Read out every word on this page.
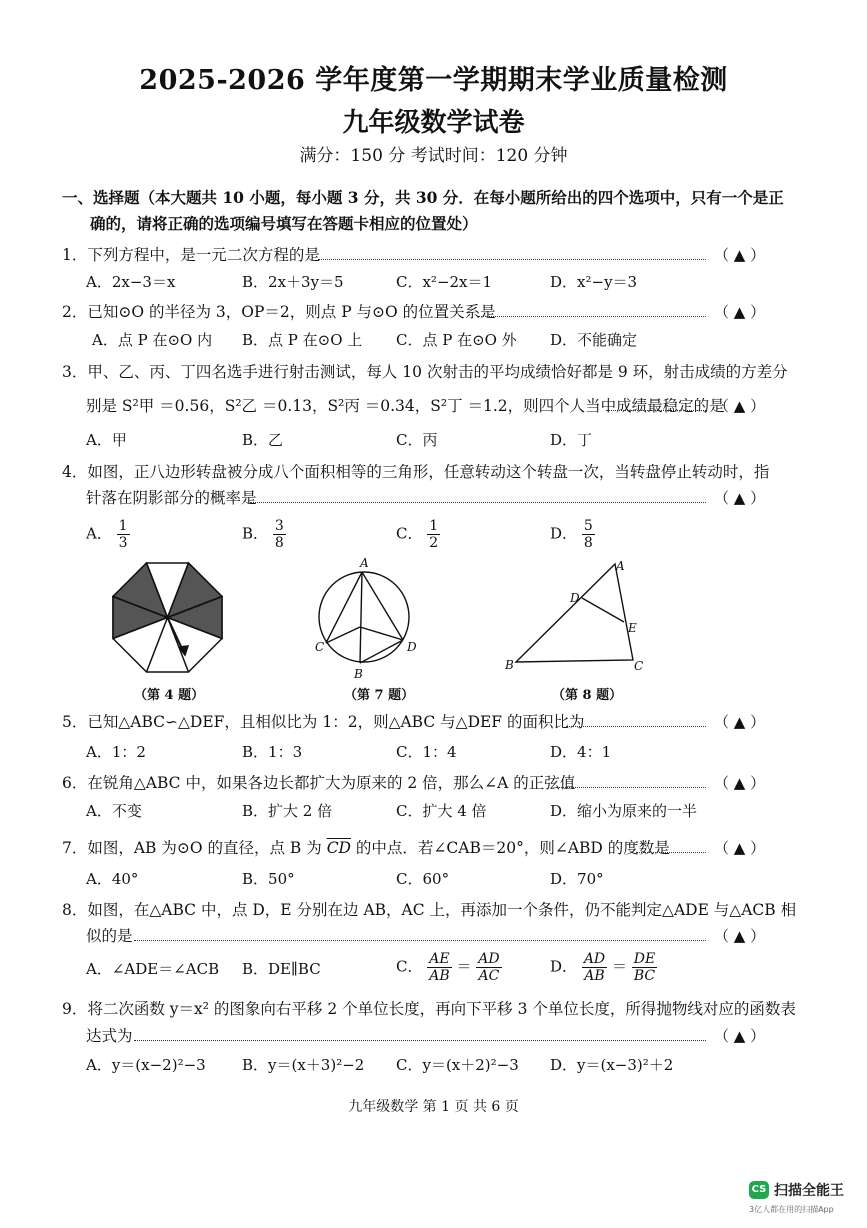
2025-2026 学年度第一学期期末学业质量检测
九年级数学试卷
满分：150 分 考试时间：120 分钟
一、选择题（本大题共 10 小题，每小题 3 分，共 30 分．在每小题所给出的四个选项中，只有一个是正
确的，请将正确的选项编号填写在答题卡相应的位置处）
1．下列方程中，是一元二次方程的是	（ ▲ ）
A．2x−3＝x	B．2x＋3y＝5	C．x²−2x＝1	D．x²−y＝3
2．已知⊙O 的半径为 3，OP＝2，则点 P 与⊙O 的位置关系是	（ ▲ ）
A．点 P 在⊙O 内 B．点 P 在⊙O 上 C．点 P 在⊙O 外 D．不能确定
3．甲、乙、丙、丁四名选手进行射击测试，每人 10 次射击的平均成绩恰好都是 9 环，射击成绩的方差分
别是 S²甲 ＝0.56，S²乙 ＝0.13，S²丙 ＝0.34，S²丁 ＝1.2，则四个人当中成绩最稳定的是
（ ▲ ）
A．甲	B．乙	C．丙	D．丁
4．如图，正八边形转盘被分成八个面积相等的三角形，任意转动这个转盘一次，当转盘停止转动时，指
针落在阴影部分的概率是	（ ▲ ）
A． $\frac{1}{3}$	B． $\frac{3}{8}$	C． $\frac{1}{2}$	D． $\frac{5}{8}$
（第 4 题）
A
C
B
D
（第 7 题）
A
D
E
B	C
（第 8 题）
5．已知△ABC∽△DEF，且相似比为 1：2，则△ABC 与△DEF 的面积比为	（ ▲ ）
A．1：2	B．1：3	C．1：4	D．4：1
6．在锐角△ABC 中，如果各边长都扩大为原来的 2 倍，那么∠A 的正弦值	（ ▲ ）
A．不变	B．扩大 2 倍	C．扩大 4 倍	D．缩小为原来的一半
7．如图，AB 为⊙O 的直径，点 B 为 $\overline{CD}$ 的中点．若∠CAB＝20°，则∠ABD 的度数是	（ ▲ ）
A．40°	B．50°	C．60°	D．70°
8．如图，在△ABC 中，点 D，E 分别在边 AB，AC 上，再添加一个条件，仍不能判定△ADE 与△ACB 相
似的是	（ ▲ ）
A．∠ADE＝∠ACB B．DE∥BC	C． $\frac{AE}{AB} = \frac{AD}{AC}$	D． $\frac{AD}{AB} = \frac{DE}{BC}$
9．将二次函数 y＝x² 的图象向右平移 2 个单位长度，再向下平移 3 个单位长度，所得抛物线对应的函数表
达式为	（ ▲ ）
A．y＝(x−2)²−3 B．y＝(x＋3)²−2 C．y＝(x＋2)²−3 D．y＝(x−3)²＋2
九年级数学 第 1 页 共 6 页
CS 扫描全能王
3亿人都在用的扫描App
